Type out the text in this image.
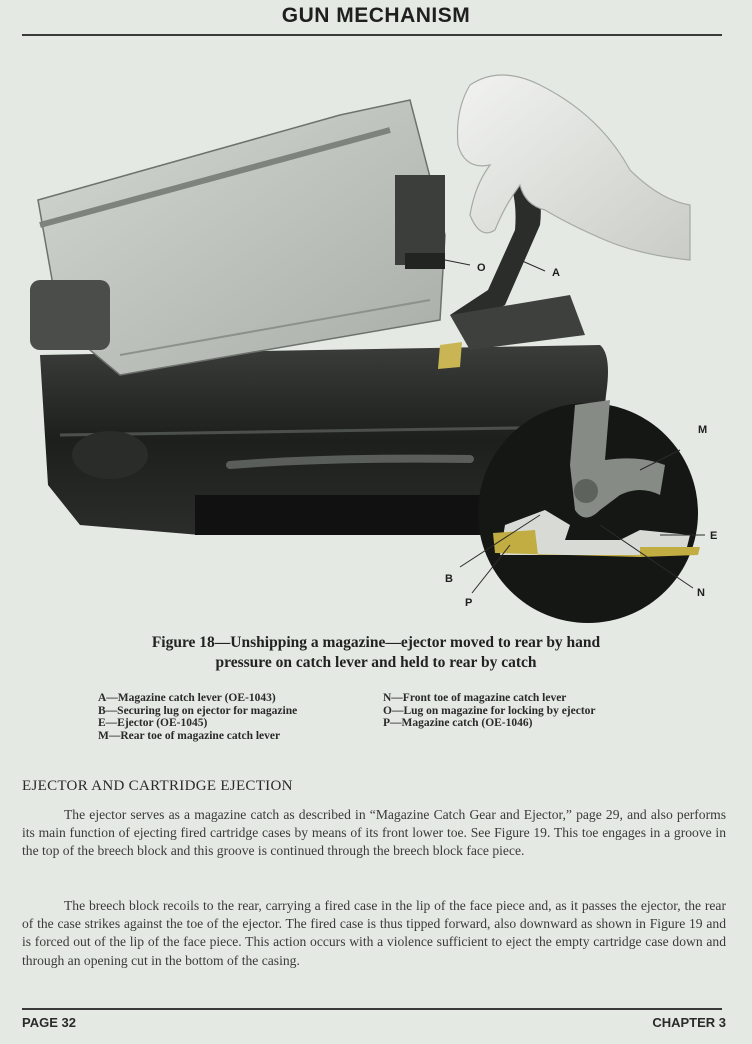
GUN MECHANISM
O	A
M
E
N
B
P
Figure 18—Unshipping a magazine—ejector moved to rear by hand
pressure on catch lever and held to rear by catch
A—Magazine catch lever (OE-1043)
B—Securing lug on ejector for magazine
E—Ejector (OE-1045)
M—Rear toe of magazine catch lever
N—Front toe of magazine catch lever
O—Lug on magazine for locking by ejector
P—Magazine catch (OE-1046)
EJECTOR AND CARTRIDGE EJECTION

The ejector serves as a magazine catch as described in “Magazine Catch Gear and Ejector,” page 29, and also performs its main function of ejecting fired cartridge cases by means of its front lower toe. See Figure 19. This toe engages in a groove in the top of the breech block and this groove is continued through the breech block face piece.

The breech block recoils to the rear, carrying a fired case in the lip of the face piece and, as it passes the ejector, the rear of the case strikes against the toe of the ejector. The fired case is thus tipped forward, also downward as shown in Figure 19 and is forced out of the lip of the face piece. This action occurs with a violence sufficient to eject the empty cartridge case down and through an opening cut in the bottom of the casing.

PAGE 32	CHAPTER 3
